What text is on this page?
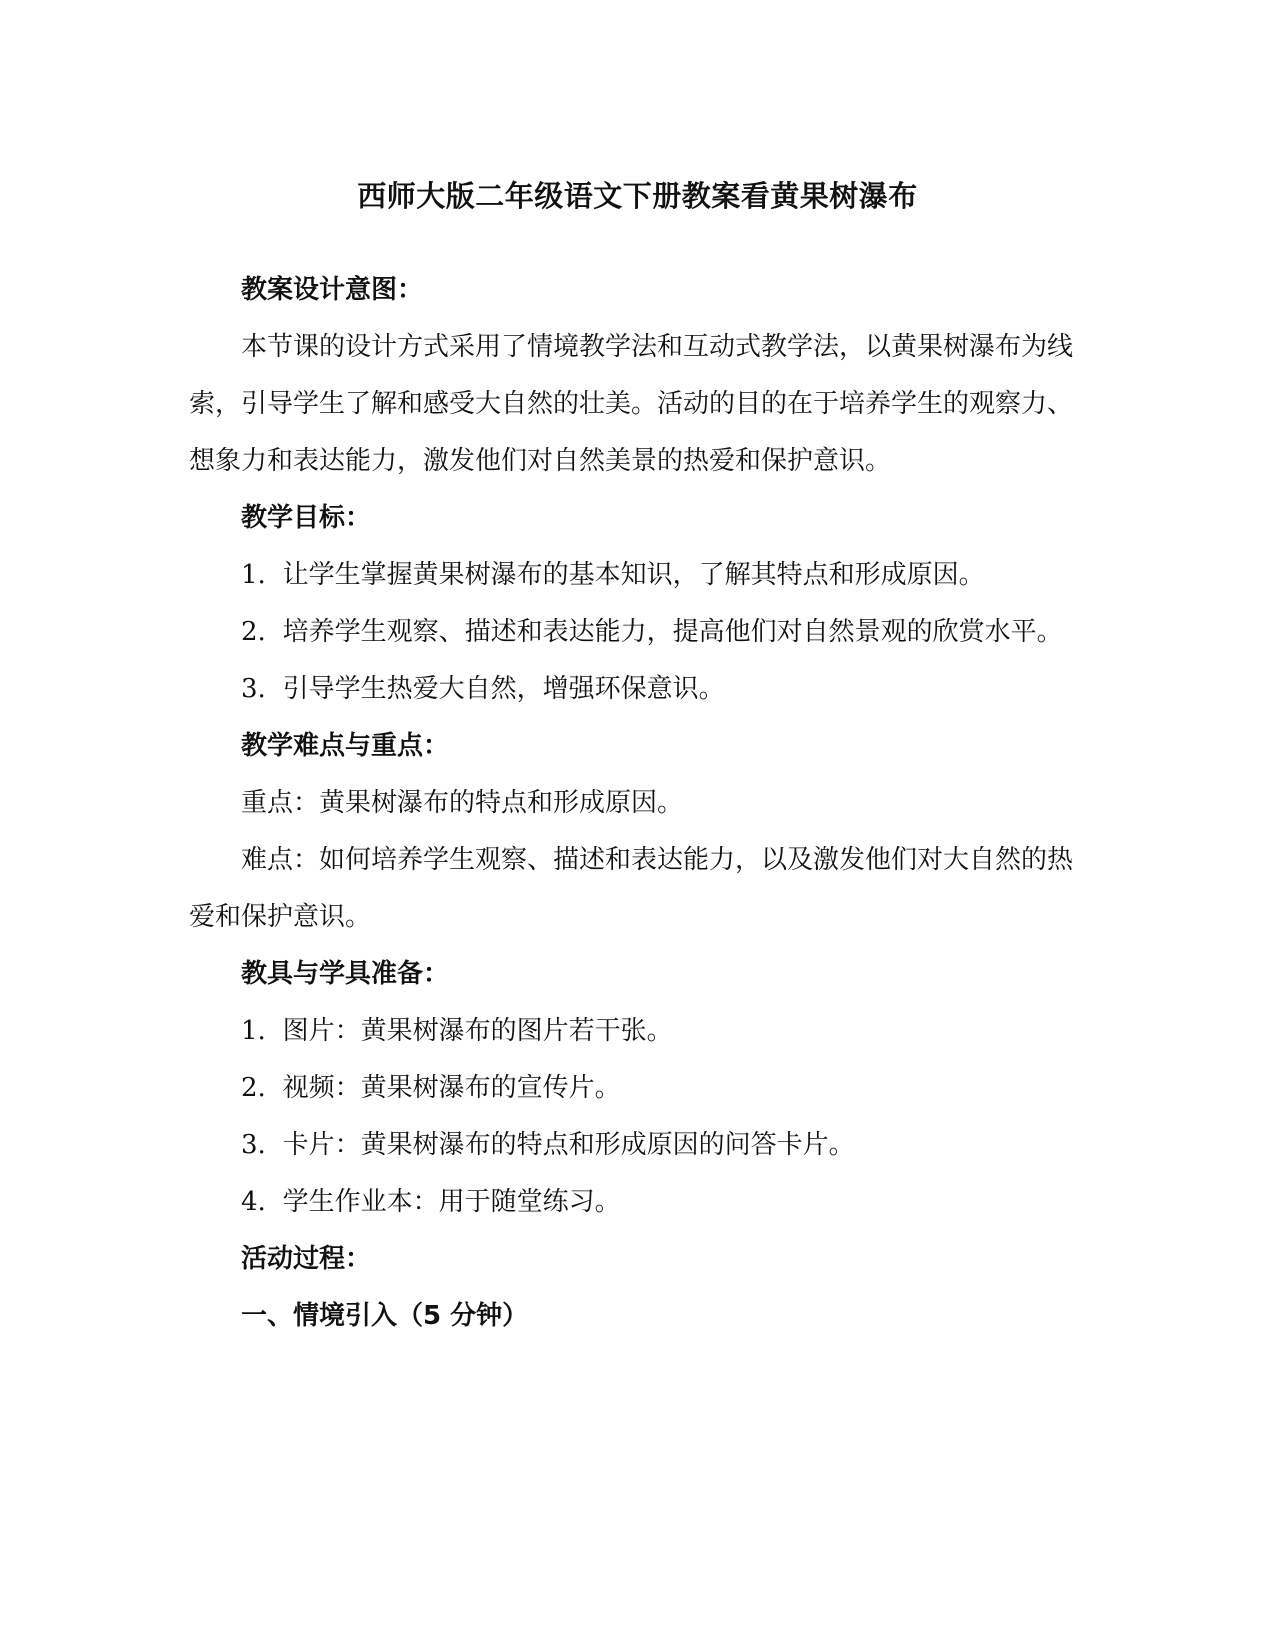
西师大版二年级语文下册教案看黄果树瀑布

教案设计意图：

本节课的设计方式采用了情境教学法和互动式教学法，以黄果树瀑布为线索，引导学生了解和感受大自然的壮美。活动的目的在于培养学生的观察力、想象力和表达能力，激发他们对自然美景的热爱和保护意识。

教学目标：

1. 让学生掌握黄果树瀑布的基本知识，了解其特点和形成原因。

2. 培养学生观察、描述和表达能力，提高他们对自然景观的欣赏水平。

3. 引导学生热爱大自然，增强环保意识。

教学难点与重点：

重点：黄果树瀑布的特点和形成原因。

难点：如何培养学生观察、描述和表达能力，以及激发他们对大自然的热爱和保护意识。

教具与学具准备：

1. 图片：黄果树瀑布的图片若干张。

2. 视频：黄果树瀑布的宣传片。

3. 卡片：黄果树瀑布的特点和形成原因的问答卡片。

4. 学生作业本：用于随堂练习。

活动过程：

一、情境引入（5 分钟）
